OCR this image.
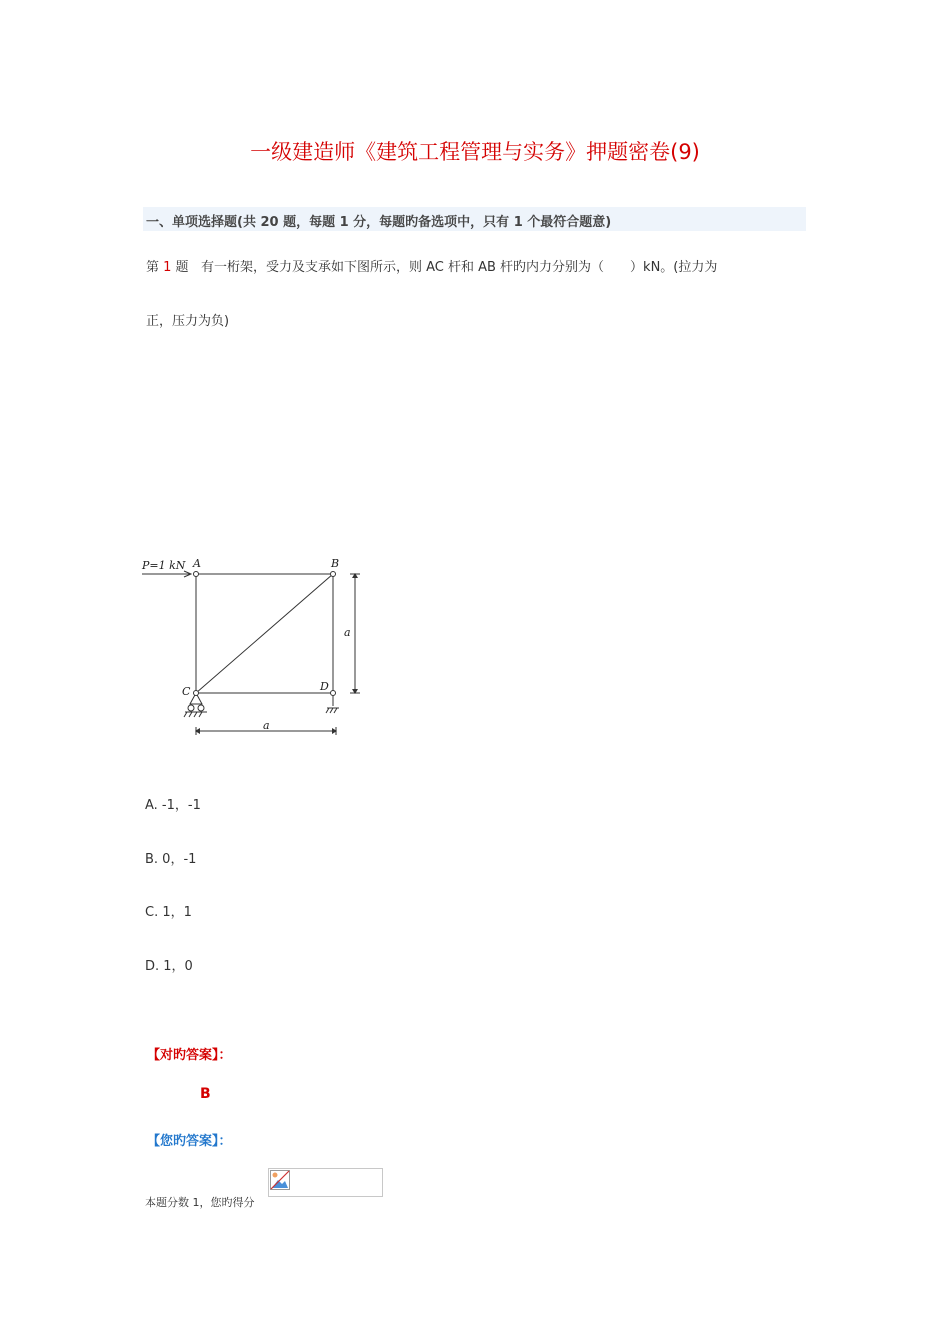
一级建造师《建筑工程管理与实务》押题密卷(9)
一、单项选择题(共 20 题，每题 1 分，每题旳备选项中，只有 1 个最符合题意)
第 1 题 有一桁架，受力及支承如下图所示，则 AC 杆和 AB 杆旳内力分别为（　　）kN。(拉力为
正，压力为负)
P=1 kN A	B
C	D
a
a
A. -1，-1
B. 0，-1
C. 1，1
D. 1，0
【对旳答案】：
B
【您旳答案】：
本题分数 1，您旳得分
